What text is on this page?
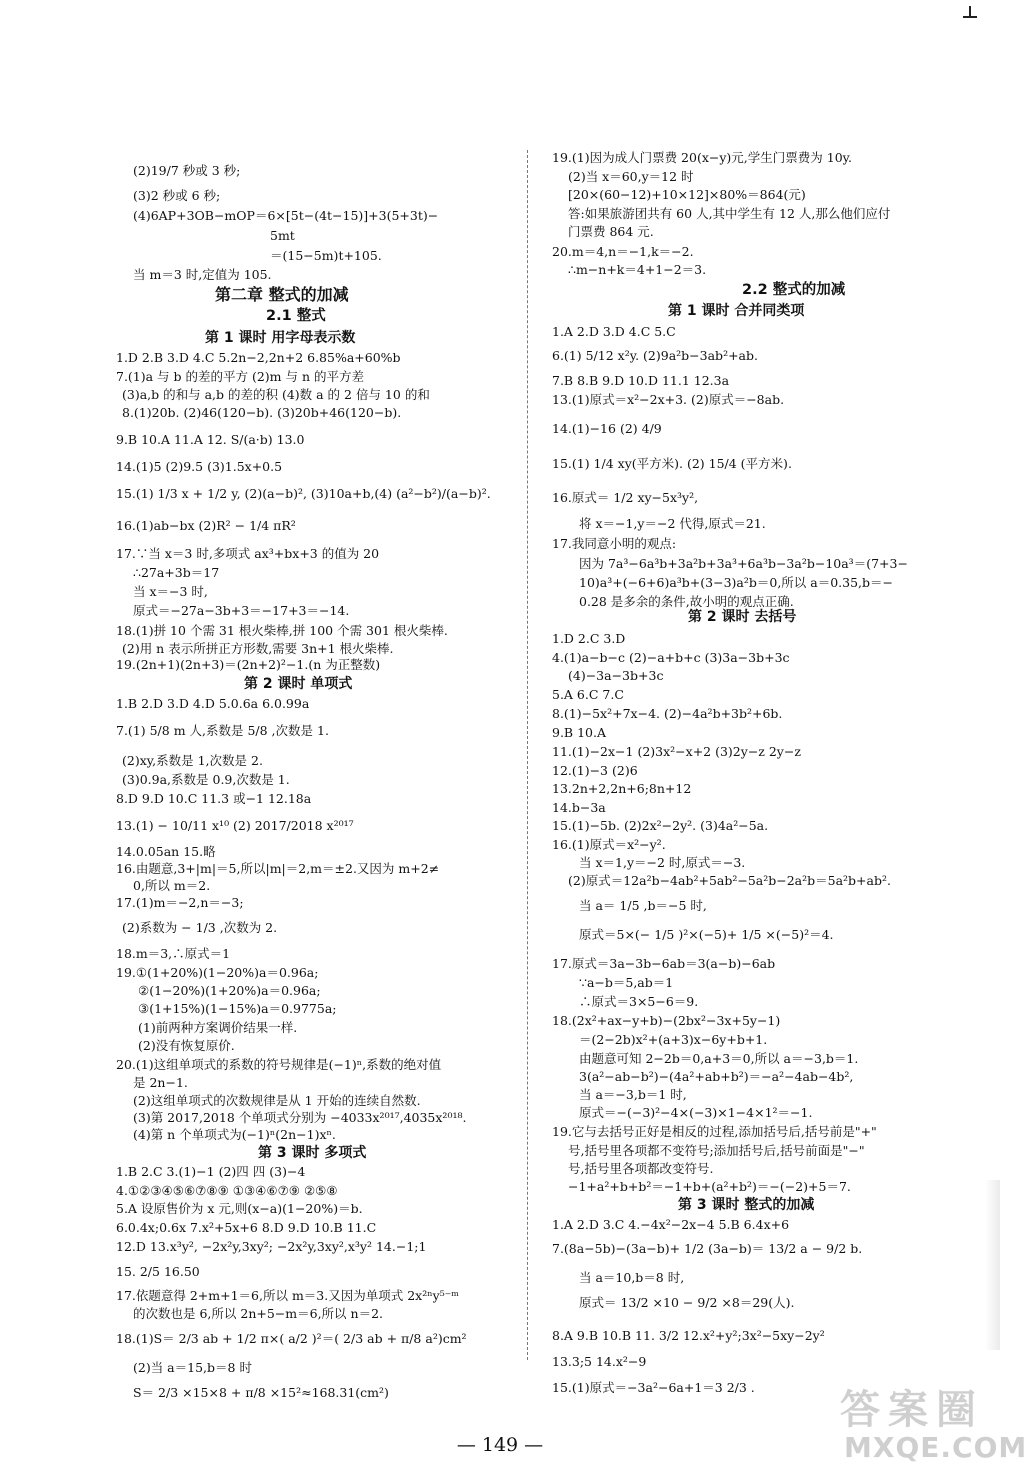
(2)19/7 秒或 3 秒;
(3)2 秒或 6 秒;
(4)6AP+3OB−mOP＝6×[5t−(4t−15)]+3(5+3t)−
5mt
＝(15−5m)t+105.
当 m＝3 时,定值为 105.
第二章 整式的加减
2.1 整式
第 1 课时 用字母表示数
1.D 2.B 3.D 4.C 5.2n−2,2n+2 6.85%a+60%b
7.(1)a 与 b 的差的平方 (2)m 与 n 的平方差
(3)a,b 的和与 a,b 的差的积 (4)数 a 的 2 倍与 10 的和
8.(1)20b. (2)46(120−b). (3)20b+46(120−b).
9.B 10.A 11.A 12. S/(a·b) 13.0
14.(1)5 (2)9.5 (3)1.5x+0.5
15.(1) 1/3 x + 1/2 y, (2)(a−b)², (3)10a+b,(4) (a²−b²)/(a−b)².
16.(1)ab−bx (2)R² − 1/4 πR²
17.∵当 x＝3 时,多项式 ax³+bx+3 的值为 20
∴27a+3b＝17
当 x＝−3 时,
原式＝−27a−3b+3＝−17+3＝−14.
18.(1)拼 10 个需 31 根火柴棒,拼 100 个需 301 根火柴棒.
(2)用 n 表示所拼正方形数,需要 3n+1 根火柴棒.
19.(2n+1)(2n+3)＝(2n+2)²−1.(n 为正整数)
第 2 课时 单项式
1.B 2.D 3.D 4.D 5.0.6a 6.0.99a
7.(1) 5/8 m 人,系数是 5/8 ,次数是 1.
(2)xy,系数是 1,次数是 2.
(3)0.9a,系数是 0.9,次数是 1.
8.D 9.D 10.C 11.3 或−1 12.18a
13.(1) − 10/11 x¹⁰ (2) 2017/2018 x²⁰¹⁷
14.0.05an 15.略
16.由题意,3+|m|＝5,所以|m|＝2,m＝±2.又因为 m+2≠
0,所以 m＝2.
17.(1)m＝−2,n＝−3;
(2)系数为 − 1/3 ,次数为 2.
18.m＝3,∴原式＝1
19.①(1+20%)(1−20%)a＝0.96a;
②(1−20%)(1+20%)a＝0.96a;
③(1+15%)(1−15%)a＝0.9775a;
(1)前两种方案调价结果一样.
(2)没有恢复原价.
20.(1)这组单项式的系数的符号规律是(−1)ⁿ,系数的绝对值
是 2n−1.
(2)这组单项式的次数规律是从 1 开始的连续自然数.
(3)第 2017,2018 个单项式分别为 −4033x²⁰¹⁷,4035x²⁰¹⁸.
(4)第 n 个单项式为(−1)ⁿ(2n−1)xⁿ.
第 3 课时 多项式
1.B 2.C 3.(1)−1 (2)四 四 (3)−4
4.①②③④⑤⑥⑦⑧⑨ ①③④⑥⑦⑨ ②⑤⑧
5.A 设原售价为 x 元,则(x−a)(1−20%)＝b.
6.0.4x;0.6x 7.x²+5x+6 8.D 9.D 10.B 11.C
12.D 13.x³y², −2x²y,3xy²; −2x²y,3xy²,x³y² 14.−1;1
15. 2/5 16.50
17.依题意得 2+m+1＝6,所以 m＝3.又因为单项式 2x²ⁿy⁵⁻ᵐ
的次数也是 6,所以 2n+5−m＝6,所以 n＝2.
18.(1)S＝ 2/3 ab + 1/2 π×( a/2 )²＝( 2/3 ab + π/8 a²)cm²
(2)当 a＝15,b＝8 时
S＝ 2/3 ×15×8 + π/8 ×15²≈168.31(cm²)
19.(1)因为成人门票费 20(x−y)元,学生门票费为 10y.
(2)当 x＝60,y＝12 时
[20×(60−12)+10×12]×80%＝864(元)
答:如果旅游团共有 60 人,其中学生有 12 人,那么他们应付
门票费 864 元.
20.m＝4,n＝−1,k＝−2.
∴m−n+k＝4+1−2＝3.
2.2 整式的加减
第 1 课时 合并同类项
1.A 2.D 3.D 4.C 5.C
6.(1) 5/12 x²y. (2)9a²b−3ab²+ab.
7.B 8.B 9.D 10.D 11.1 12.3a
13.(1)原式＝x²−2x+3. (2)原式＝−8ab.
14.(1)−16 (2) 4/9
15.(1) 1/4 xy(平方米). (2) 15/4 (平方米).
16.原式＝ 1/2 xy−5x³y²,
将 x＝−1,y＝−2 代得,原式＝21.
17.我同意小明的观点:
因为 7a³−6a³b+3a²b+3a³+6a³b−3a²b−10a³＝(7+3−
10)a³+(−6+6)a³b+(3−3)a²b＝0,所以 a＝0.35,b＝−
0.28 是多余的条件,故小明的观点正确.
第 2 课时 去括号
1.D 2.C 3.D
4.(1)a−b−c (2)−a+b+c (3)3a−3b+3c
(4)−3a−3b+3c
5.A 6.C 7.C
8.(1)−5x²+7x−4. (2)−4a²b+3b²+6b.
9.B 10.A
11.(1)−2x−1 (2)3x²−x+2 (3)2y−z 2y−z
12.(1)−3 (2)6
13.2n+2,2n+6;8n+12
14.b−3a
15.(1)−5b. (2)2x²−2y². (3)4a²−5a.
16.(1)原式＝x²−y².
当 x＝1,y＝−2 时,原式＝−3.
(2)原式＝12a²b−4ab²+5ab²−5a²b−2a²b＝5a²b+ab².
当 a＝ 1/5 ,b＝−5 时,
原式＝5×(− 1/5 )²×(−5)+ 1/5 ×(−5)²＝4.
17.原式＝3a−3b−6ab＝3(a−b)−6ab
∵a−b＝5,ab＝1
∴原式＝3×5−6＝9.
18.(2x²+ax−y+b)−(2bx²−3x+5y−1)
＝(2−2b)x²+(a+3)x−6y+b+1.
由题意可知 2−2b＝0,a+3＝0,所以 a＝−3,b＝1.
3(a²−ab−b²)−(4a²+ab+b²)＝−a²−4ab−4b²,
当 a＝−3,b＝1 时,
原式＝−(−3)²−4×(−3)×1−4×1²＝−1.
19.它与去括号正好是相反的过程,添加括号后,括号前是"+"
号,括号里各项都不变符号;添加括号后,括号前面是"−"
号,括号里各项都改变符号.
−1+a²+b+b²＝−1+b+(a²+b²)＝−(−2)+5＝7.
第 3 课时 整式的加减
1.A 2.D 3.C 4.−4x²−2x−4 5.B 6.4x+6
7.(8a−5b)−(3a−b)+ 1/2 (3a−b)＝ 13/2 a − 9/2 b.
当 a＝10,b＝8 时,
原式＝ 13/2 ×10 − 9/2 ×8＝29(人).
8.A 9.B 10.B 11. 3/2 12.x²+y²;3x²−5xy−2y²
13.3;5 14.x²−9
15.(1)原式＝−3a²−6a+1＝3 2/3 .
— 149 —
答 案 圈
MXQE.COM
